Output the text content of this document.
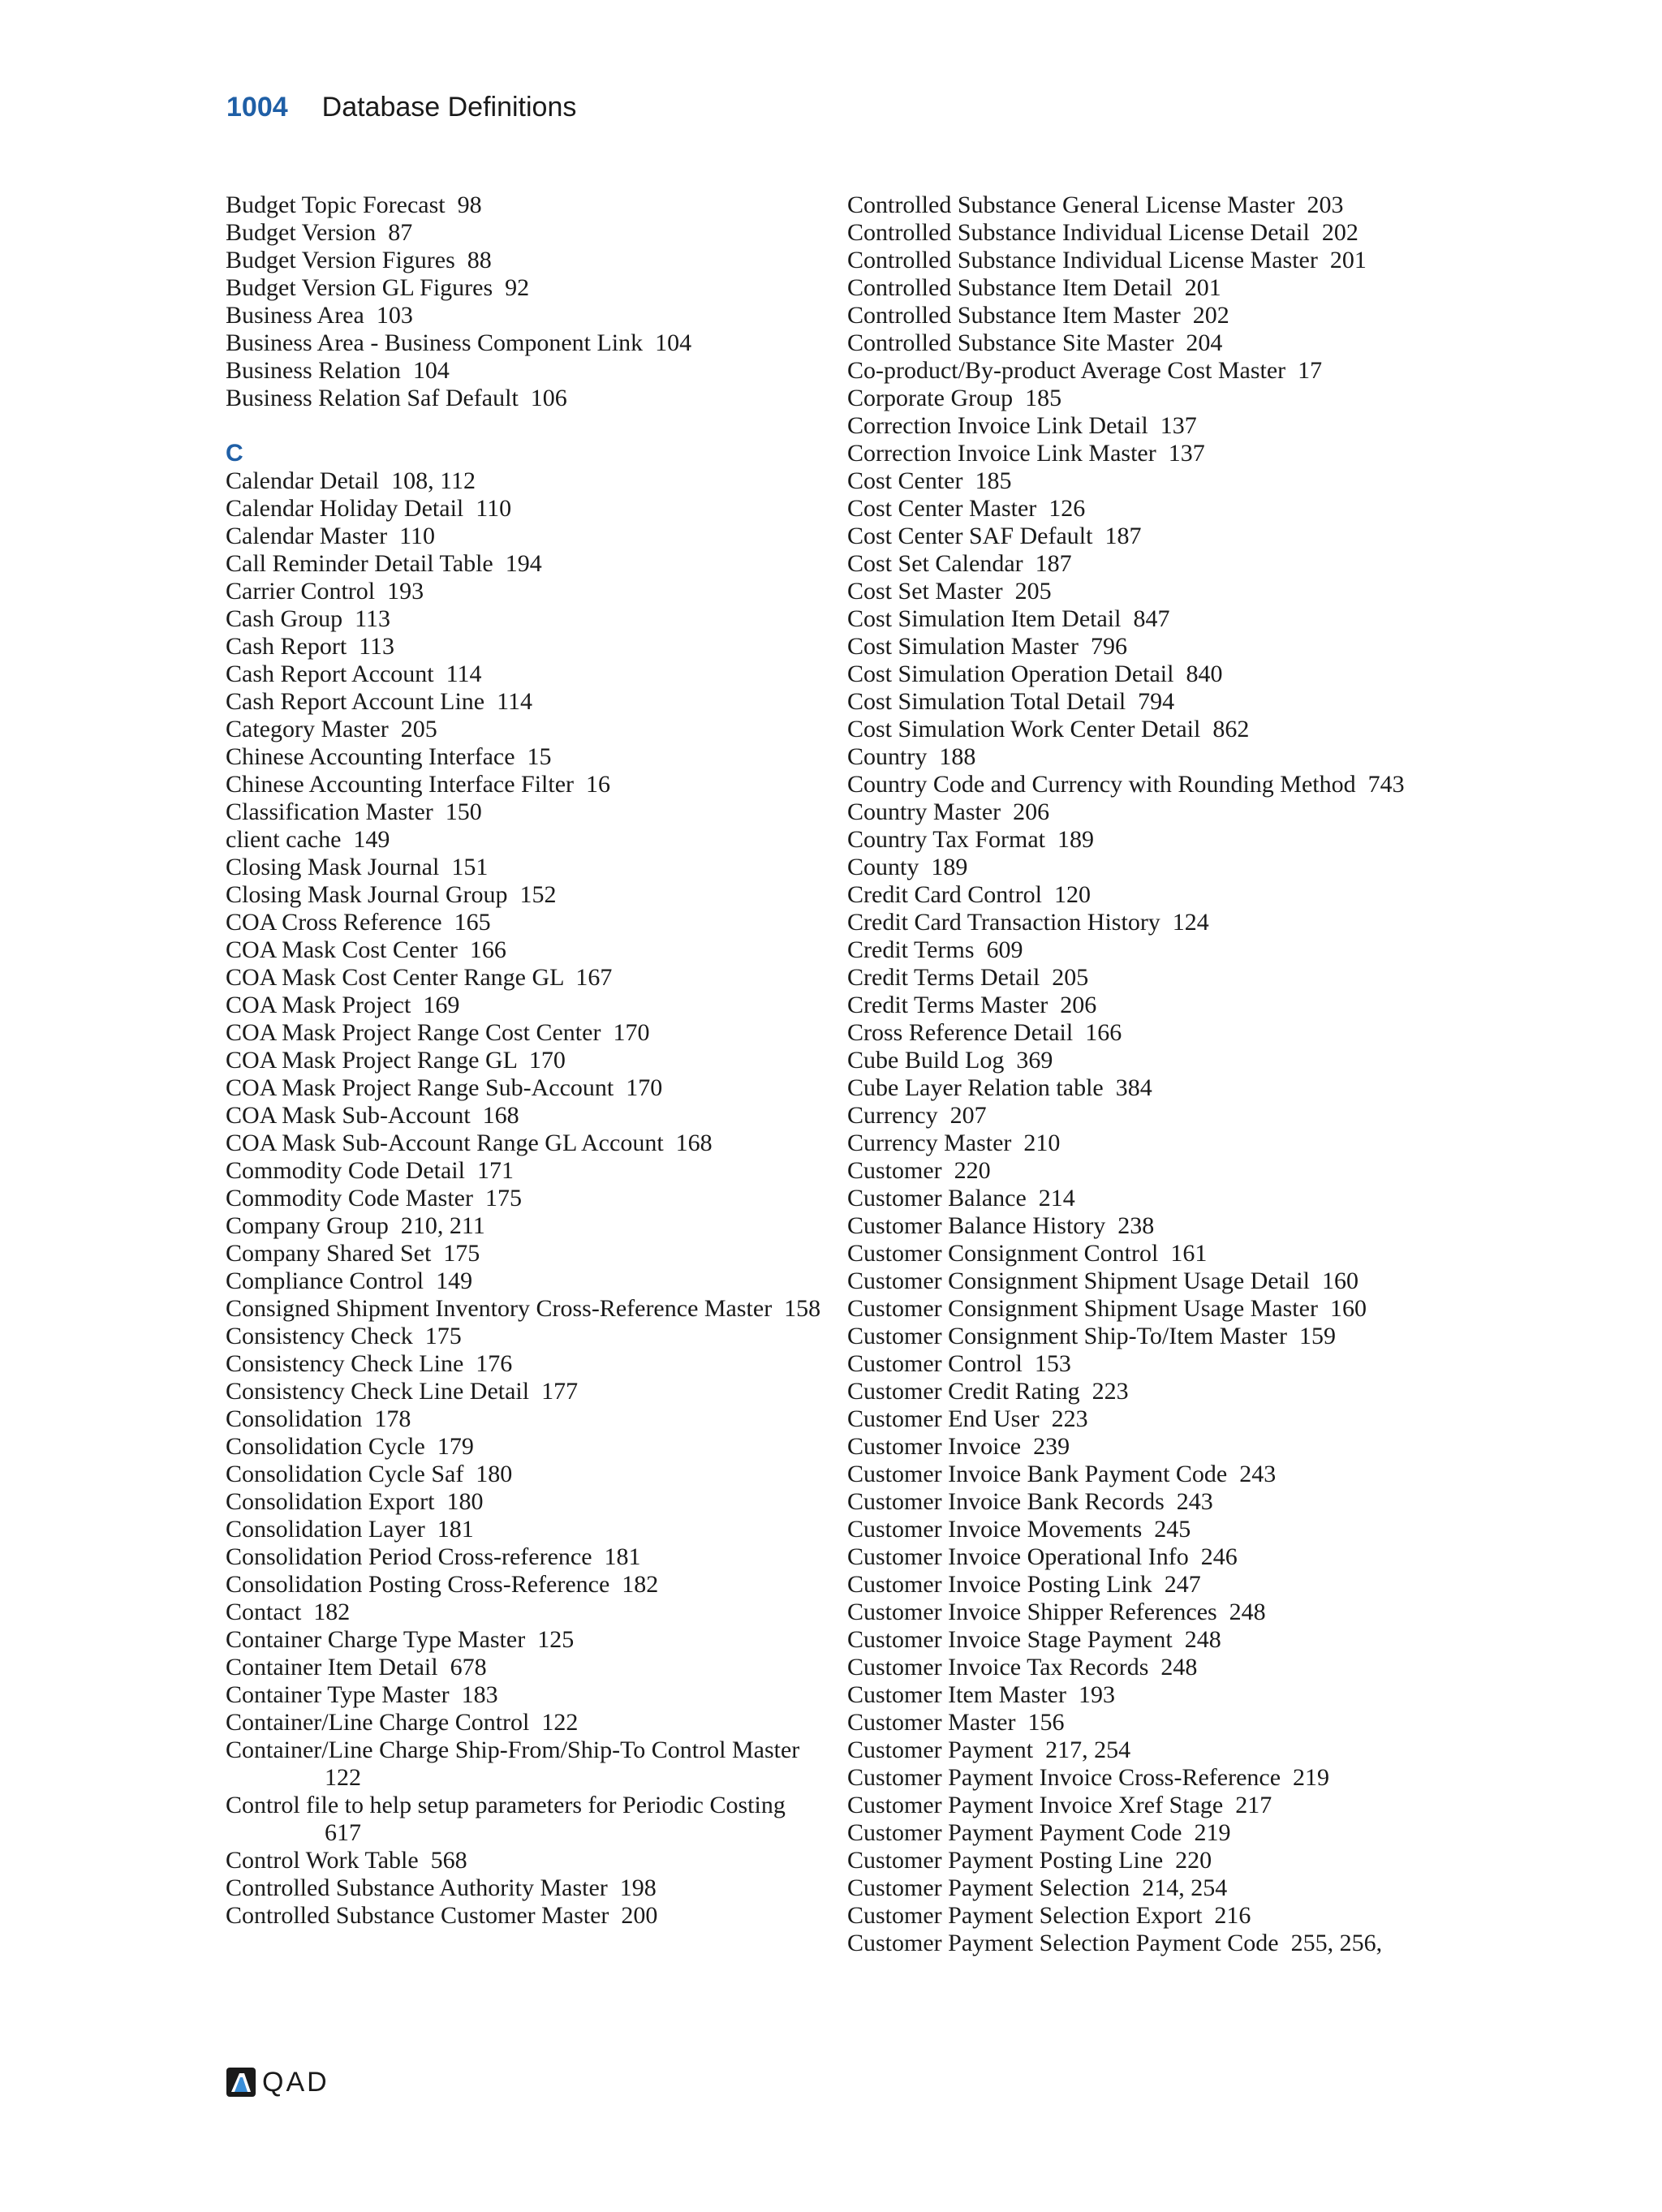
1004 Database Definitions
Budget Topic Forecast  98
Budget Version  87
Budget Version Figures  88
Budget Version GL Figures  92
Business Area  103
Business Area - Business Component Link  104
Business Relation  104
Business Relation Saf Default  106
C
Calendar Detail  108, 112
Calendar Holiday Detail  110
Calendar Master  110
Call Reminder Detail Table  194
Carrier Control  193
Cash Group  113
Cash Report  113
Cash Report Account  114
Cash Report Account Line  114
Category Master  205
Chinese Accounting Interface  15
Chinese Accounting Interface Filter  16
Classification Master  150
client cache  149
Closing Mask Journal  151
Closing Mask Journal Group  152
COA Cross Reference  165
COA Mask Cost Center  166
COA Mask Cost Center Range GL  167
COA Mask Project  169
COA Mask Project Range Cost Center  170
COA Mask Project Range GL  170
COA Mask Project Range Sub-Account  170
COA Mask Sub-Account  168
COA Mask Sub-Account Range GL Account  168
Commodity Code Detail  171
Commodity Code Master  175
Company Group  210, 211
Company Shared Set  175
Compliance Control  149
Consigned Shipment Inventory Cross-Reference Master  158
Consistency Check  175
Consistency Check Line  176
Consistency Check Line Detail  177
Consolidation  178
Consolidation Cycle  179
Consolidation Cycle Saf  180
Consolidation Export  180
Consolidation Layer  181
Consolidation Period Cross-reference  181
Consolidation Posting Cross-Reference  182
Contact  182
Container Charge Type Master  125
Container Item Detail  678
Container Type Master  183
Container/Line Charge Control  122
Container/Line Charge Ship-From/Ship-To Control Master  122
Control file to help setup parameters for Periodic Costing  617
Control Work Table  568
Controlled Substance Authority Master  198
Controlled Substance Customer Master  200
Controlled Substance General License Master  203
Controlled Substance Individual License Detail  202
Controlled Substance Individual License Master  201
Controlled Substance Item Detail  201
Controlled Substance Item Master  202
Controlled Substance Site Master  204
Co-product/By-product Average Cost Master  17
Corporate Group  185
Correction Invoice Link Detail  137
Correction Invoice Link Master  137
Cost Center  185
Cost Center Master  126
Cost Center SAF Default  187
Cost Set Calendar  187
Cost Set Master  205
Cost Simulation Item Detail  847
Cost Simulation Master  796
Cost Simulation Operation Detail  840
Cost Simulation Total Detail  794
Cost Simulation Work Center Detail  862
Country  188
Country Code and Currency with Rounding Method  743
Country Master  206
Country Tax Format  189
County  189
Credit Card Control  120
Credit Card Transaction History  124
Credit Terms  609
Credit Terms Detail  205
Credit Terms Master  206
Cross Reference Detail  166
Cube Build Log  369
Cube Layer Relation table  384
Currency  207
Currency Master  210
Customer  220
Customer Balance  214
Customer Balance History  238
Customer Consignment Control  161
Customer Consignment Shipment Usage Detail  160
Customer Consignment Shipment Usage Master  160
Customer Consignment Ship-To/Item Master  159
Customer Control  153
Customer Credit Rating  223
Customer End User  223
Customer Invoice  239
Customer Invoice Bank Payment Code  243
Customer Invoice Bank Records  243
Customer Invoice Movements  245
Customer Invoice Operational Info  246
Customer Invoice Posting Link  247
Customer Invoice Shipper References  248
Customer Invoice Stage Payment  248
Customer Invoice Tax Records  248
Customer Item Master  193
Customer Master  156
Customer Payment  217, 254
Customer Payment Invoice Cross-Reference  219
Customer Payment Invoice Xref Stage  217
Customer Payment Payment Code  219
Customer Payment Posting Line  220
Customer Payment Selection  214, 254
Customer Payment Selection Export  216
Customer Payment Selection Payment Code  255, 256,
QAD
